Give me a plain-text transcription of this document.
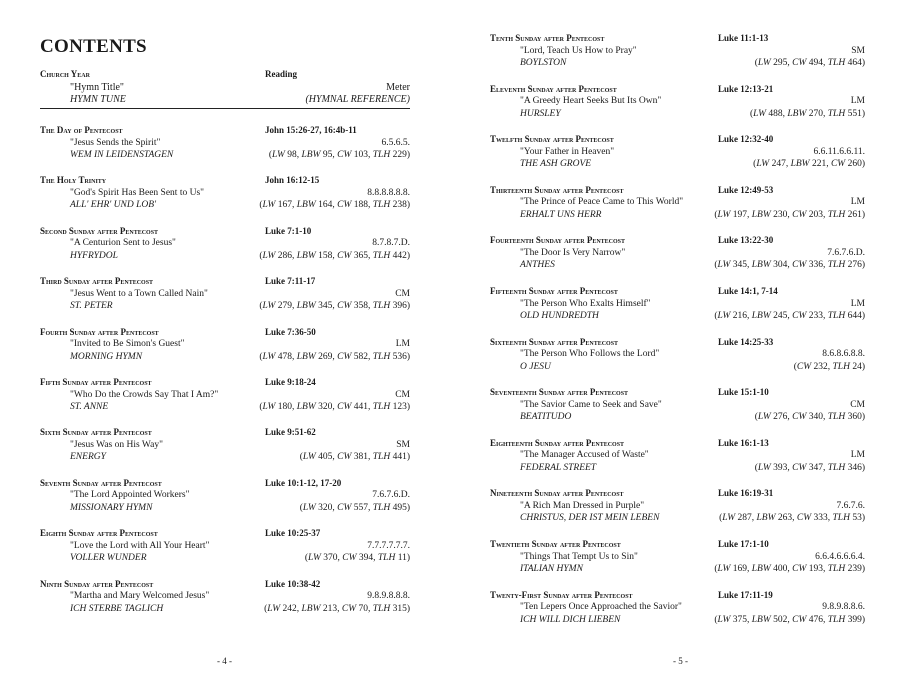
CONTENTS
Church Year	Reading
"Hymn Title"	Meter
HYMN TUNE	(HYMNAL REFERENCE)
The Day of Pentecost	John 15:26-27, 16:4b-11
"Jesus Sends the Spirit"	6.5.6.5.
WEM IN LEIDENSTAGEN	(LW 98, LBW 95, CW 103, TLH 229)
The Holy Trinity	John 16:12-15
"God's Spirit Has Been Sent to Us"	8.8.8.8.8.8.
ALL' EHR' UND LOB'	(LW 167, LBW 164, CW 188, TLH 238)
Second Sunday after Pentecost	Luke 7:1-10
"A Centurion Sent to Jesus"	8.7.8.7.D.
HYFRYDOL	(LW 286, LBW 158, CW 365, TLH 442)
Third Sunday after Pentecost	Luke 7:11-17
"Jesus Went to a Town Called Nain"	CM
ST. PETER	(LW 279, LBW 345, CW 358, TLH 396)
Fourth Sunday after Pentecost	Luke 7:36-50
"Invited to Be Simon's Guest"	LM
MORNING HYMN	(LW 478, LBW 269, CW 582, TLH 536)
Fifth Sunday after Pentecost	Luke 9:18-24
"Who Do the Crowds Say That I Am?"	CM
ST. ANNE	(LW 180, LBW 320, CW 441, TLH 123)
Sixth Sunday after Pentecost	Luke 9:51-62
"Jesus Was on His Way"	SM
ENERGY	(LW 405, CW 381, TLH 441)
Seventh Sunday after Pentecost	Luke 10:1-12, 17-20
"The Lord Appointed Workers"	7.6.7.6.D.
MISSIONARY HYMN	(LW 320, CW 557, TLH 495)
Eighth Sunday after Pentecost	Luke 10:25-37
"Love the Lord with All Your Heart"	7.7.7.7.7.7.
VOLLER WUNDER	(LW 370, CW 394, TLH 11)
Ninth Sunday after Pentecost	Luke 10:38-42
"Martha and Mary Welcomed Jesus"	9.8.9.8.8.8.
ICH STERBE TAGLICH	(LW 242, LBW 213, CW 70, TLH 315)
Tenth Sunday after Pentecost	Luke 11:1-13
"Lord, Teach Us How to Pray"	SM
BOYLSTON	(LW 295, CW 494, TLH 464)
Eleventh Sunday after Pentecost	Luke 12:13-21
"A Greedy Heart Seeks But Its Own"	LM
HURSLEY	(LW 488, LBW 270, TLH 551)
Twelfth Sunday after Pentecost	Luke 12:32-40
"Your Father in Heaven"	6.6.11.6.6.11.
THE ASH GROVE	(LW 247, LBW 221, CW 260)
Thirteenth Sunday after Pentecost	Luke 12:49-53
"The Prince of Peace Came to This World"	LM
ERHALT UNS HERR	(LW 197, LBW 230, CW 203, TLH 261)
Fourteenth Sunday after Pentecost	Luke 13:22-30
"The Door Is Very Narrow"	7.6.7.6.D.
ANTHES	(LW 345, LBW 304, CW 336, TLH 276)
Fifteenth Sunday after Pentecost	Luke 14:1, 7-14
"The Person Who Exalts Himself"	LM
OLD HUNDREDTH	(LW 216, LBW 245, CW 233, TLH 644)
Sixteenth Sunday after Pentecost	Luke 14:25-33
"The Person Who Follows the Lord"	8.6.8.6.8.8.
O JESU	(CW 232, TLH 24)
Seventeenth Sunday after Pentecost	Luke 15:1-10
"The Savior Came to Seek and Save"	CM
BEATITUDO	(LW 276, CW 340, TLH 360)
Eighteenth Sunday after Pentecost	Luke 16:1-13
"The Manager Accused of Waste"	LM
FEDERAL STREET	(LW 393, CW 347, TLH 346)
Nineteenth Sunday after Pentecost	Luke 16:19-31
"A Rich Man Dressed in Purple"	7.6.7.6.
CHRISTUS, DER IST MEIN LEBEN	(LW 287, LBW 263, CW 333, TLH 53)
Twentieth Sunday after Pentecost	Luke 17:1-10
"Things That Tempt Us to Sin"	6.6.4.6.6.6.4.
ITALIAN HYMN	(LW 169, LBW 400, CW 193, TLH 239)
Twenty-First Sunday after Pentecost	Luke 17:11-19
"Ten Lepers Once Approached the Savior"	9.8.9.8.8.6.
ICH WILL DICH LIEBEN	(LW 375, LBW 502, CW 476, TLH 399)
- 4 -	- 5 -
